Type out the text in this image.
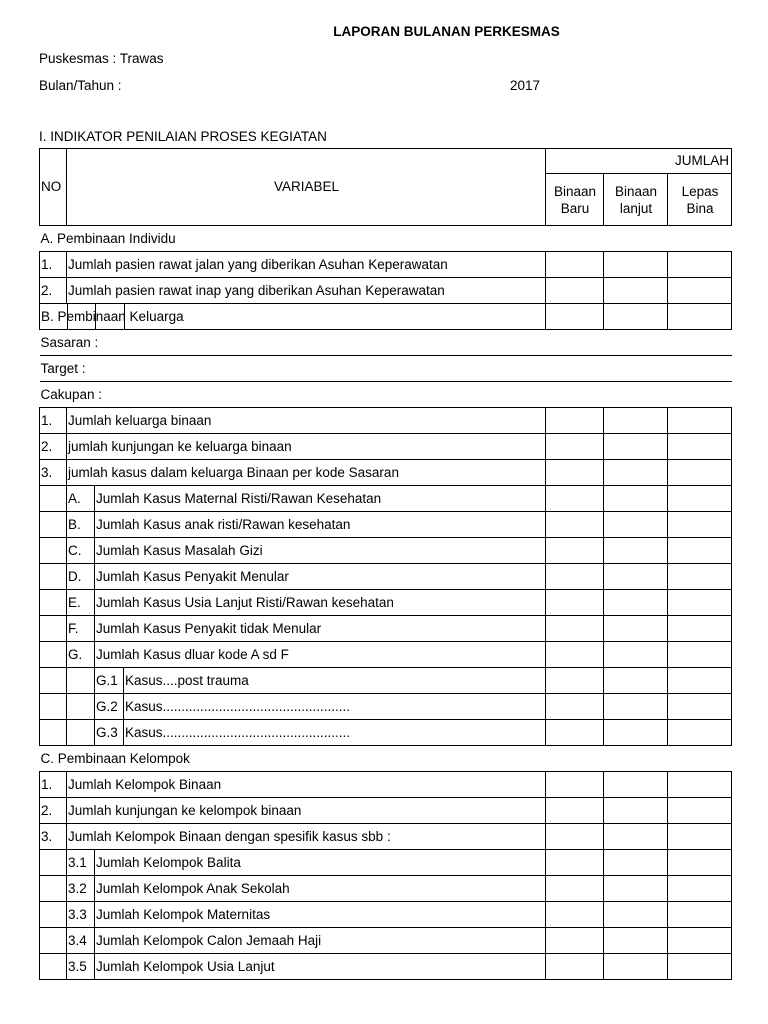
LAPORAN BULANAN PERKESMAS
Puskesmas : Trawas
Bulan/Tahun :	2017
I. INDIKATOR PENILAIAN PROSES KEGIATAN
NO	VARIABEL			JUMLAH		
				Binaan Baru	Binaan lanjut	Lepas Bina
A. Pembinaan Individu						
1.	Jumlah pasien rawat jalan yang diberikan Asuhan Keperawatan					
2.	Jumlah pasien rawat inap yang diberikan Asuhan Keperawatan					
B. Pembinaan Keluarga						
Sasaran :						
Target :						
Cakupan :						
1.	Jumlah keluarga binaan					
2.	jumlah kunjungan ke keluarga binaan					
3.	jumlah kasus dalam keluarga Binaan per kode Sasaran					
	A.	Jumlah Kasus Maternal Risti/Rawan Kesehatan				
	B.	Jumlah Kasus anak risti/Rawan kesehatan				
	C.	Jumlah Kasus Masalah Gizi				
	D.	Jumlah Kasus Penyakit Menular				
	E.	Jumlah Kasus Usia Lanjut Risti/Rawan kesehatan				
	F.	Jumlah Kasus Penyakit tidak Menular				
	G.	Jumlah Kasus dluar kode A sd F				
		G.1	Kasus....post trauma			
		G.2	Kasus..................................................			
		G.3	Kasus..................................................			
C. Pembinaan Kelompok						
1.	Jumlah Kelompok Binaan					
2.	Jumlah kunjungan ke kelompok binaan					
3.	Jumlah Kelompok Binaan dengan spesifik kasus sbb :					
	3.1	Jumlah Kelompok Balita				
	3.2	Jumlah Kelompok Anak Sekolah				
	3.3	Jumlah Kelompok Maternitas				
	3.4	Jumlah Kelompok Calon Jemaah Haji				
	3.5	Jumlah Kelompok Usia Lanjut				
